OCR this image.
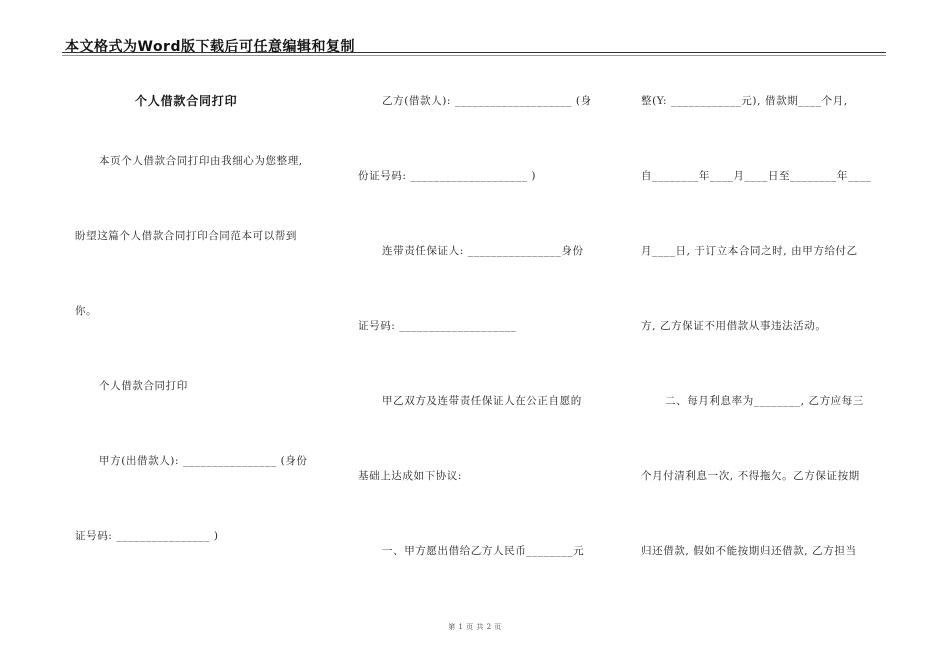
本文格式为Word版下载后可任意编辑和复制
个人借款合同打印
本页个人借款合同打印由我细心为您整理,
盼望这篇个人借款合同打印合同范本可以帮到
你。
个人借款合同打印
甲方(出借款人): ________________ (身份
证号码: ________________ )
乙方(借款人): ____________________ (身
份证号码: ____________________ )
连带责任保证人: ________________身份
证号码: ____________________
甲乙双方及连带责任保证人在公正自愿的
基础上达成如下协议:
一、甲方愿出借给乙方人民币________元
整(Y: ____________元), 借款期____个月,
自________年____月____日至________年____
月____日, 于订立本合同之时, 由甲方给付乙
方, 乙方保证不用借款从事违法活动。
二、每月利息率为________, 乙方应每三
个月付清利息一次, 不得拖欠。乙方保证按期
归还借款, 假如不能按期归还借款, 乙方担当
第 1 页 共 2 页
